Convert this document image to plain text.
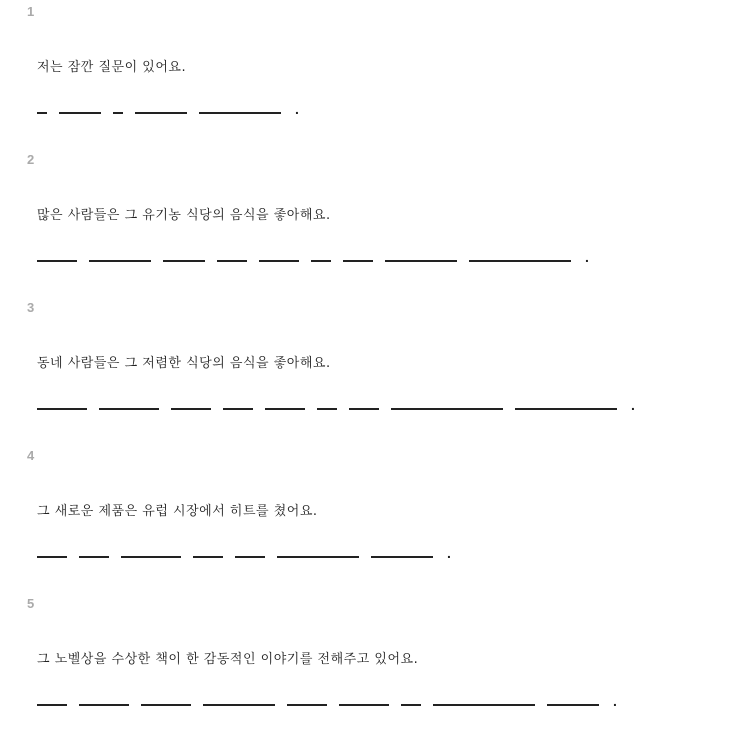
1
저는 잠깐 질문이 있어요.
.
2
많은 사람들은 그 유기농 식당의 음식을 좋아해요.
.
3
동네 사람들은 그 저렴한 식당의 음식을 좋아해요.
.
4
그 새로운 제품은 유럽 시장에서 히트를 쳤어요.
.
5
그 노벨상을 수상한 책이 한 감동적인 이야기를 전해주고 있어요.
.
